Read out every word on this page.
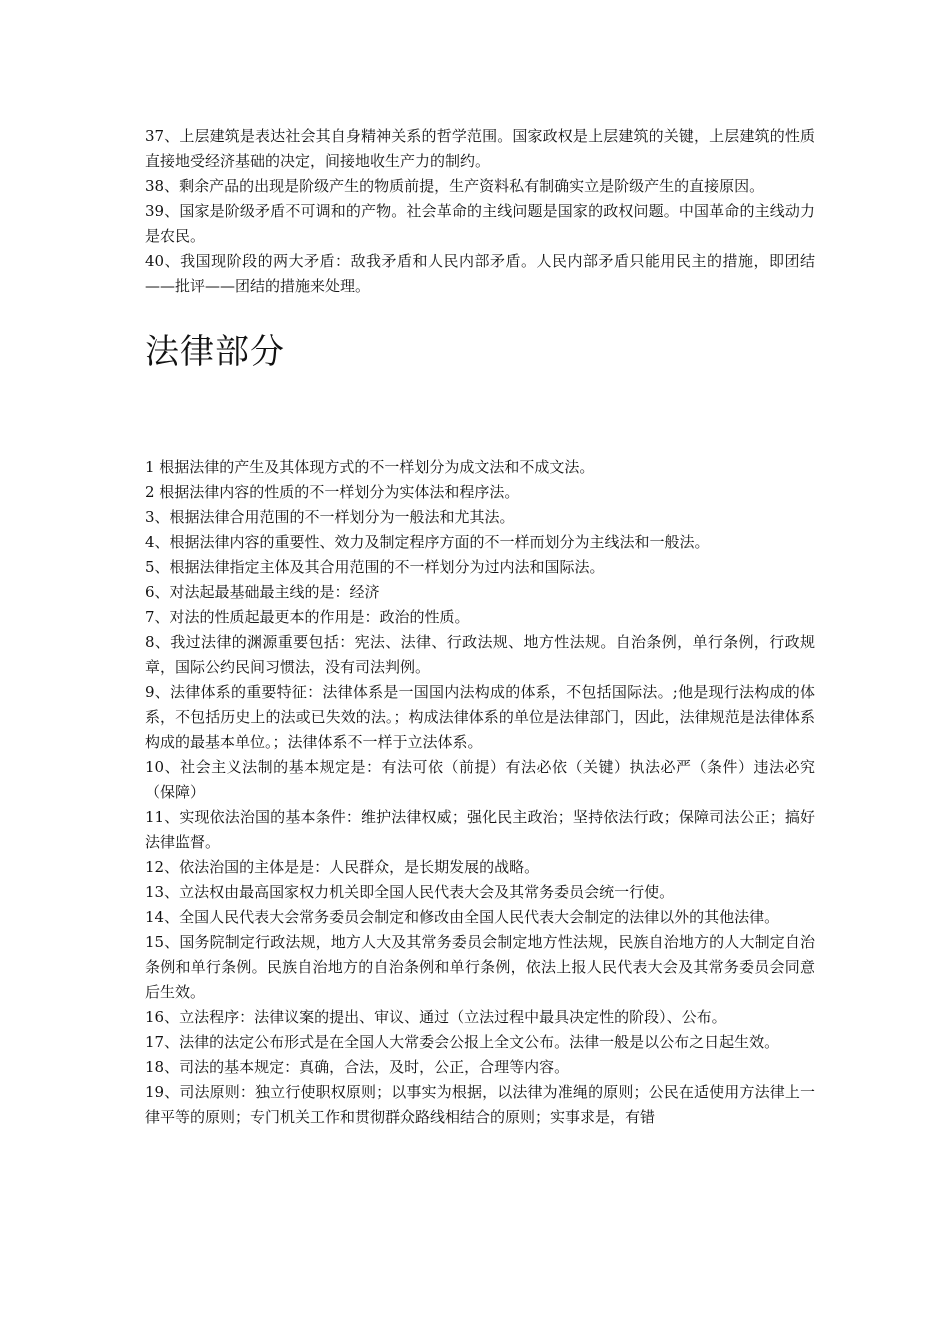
37、上层建筑是表达社会其自身精神关系的哲学范围。国家政权是上层建筑的关键，上层建筑的性质直接地受经济基础的决定，间接地收生产力的制约。

38、剩余产品的出现是阶级产生的物质前提，生产资料私有制确实立是阶级产生的直接原因。

39、国家是阶级矛盾不可调和的产物。社会革命的主线问题是国家的政权问题。中国革命的主线动力是农民。

40、我国现阶段的两大矛盾：敌我矛盾和人民内部矛盾。人民内部矛盾只能用民主的措施，即团结——批评——团结的措施来处理。

法律部分

1 根据法律的产生及其体现方式的不一样划分为成文法和不成文法。

2 根据法律内容的性质的不一样划分为实体法和程序法。

3、根据法律合用范围的不一样划分为一般法和尤其法。

4、根据法律内容的重要性、效力及制定程序方面的不一样而划分为主线法和一般法。

5、根据法律指定主体及其合用范围的不一样划分为过内法和国际法。

6、对法起最基础最主线的是：经济

7、对法的性质起最更本的作用是：政治的性质。

8、我过法律的渊源重要包括：宪法、法律、行政法规、地方性法规。自治条例，单行条例，行政规章，国际公约民间习惯法，没有司法判例。

9、法律体系的重要特征：法律体系是一国国内法构成的体系，不包括国际法。;他是现行法构成的体系，不包括历史上的法或已失效的法。；构成法律体系的单位是法律部门，因此，法律规范是法律体系构成的最基本单位。；法律体系不一样于立法体系。

10、社会主义法制的基本规定是：有法可依（前提）有法必依（关键）执法必严（条件）违法必究（保障）

11、实现依法治国的基本条件：维护法律权威；强化民主政治；坚持依法行政；保障司法公正；搞好法律监督。

12、依法治国的主体是是：人民群众，是长期发展的战略。

13、立法权由最高国家权力机关即全国人民代表大会及其常务委员会统一行使。

14、全国人民代表大会常务委员会制定和修改由全国人民代表大会制定的法律以外的其他法律。

15、国务院制定行政法规，地方人大及其常务委员会制定地方性法规，民族自治地方的人大制定自治条例和单行条例。民族自治地方的自治条例和单行条例，依法上报人民代表大会及其常务委员会同意后生效。

16、立法程序：法律议案的提出、审议、通过（立法过程中最具决定性的阶段）、公布。

17、法律的法定公布形式是在全国人大常委会公报上全文公布。法律一般是以公布之日起生效。

18、司法的基本规定：真确，合法，及时，公正，合理等内容。

19、司法原则：独立行使职权原则；以事实为根据，以法律为准绳的原则；公民在适使用方法律上一律平等的原则；专门机关工作和贯彻群众路线相结合的原则；实事求是，有错
